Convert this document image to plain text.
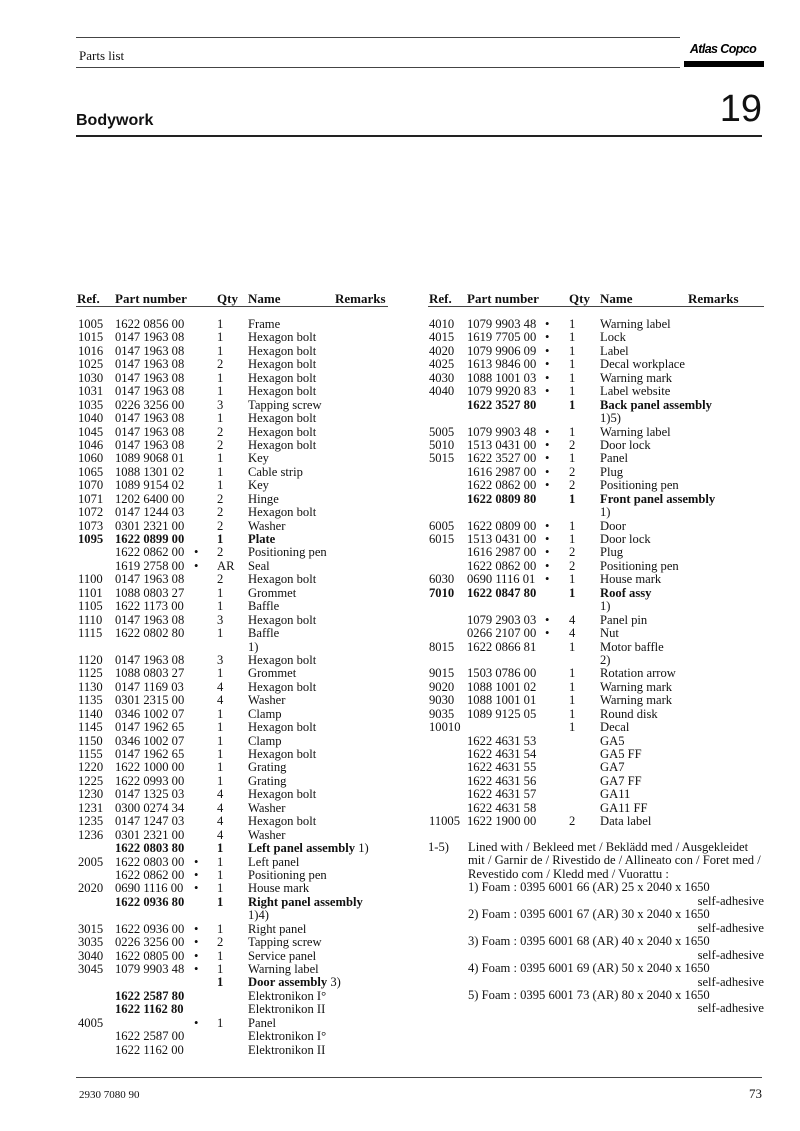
Parts list	Atlas Copco
Bodywork	19
Ref. Part number Qty Name	Remarks	Ref. Part number Qty Name	Remarks
1005 1622 0856 00	1 Frame
1015 0147 1963 08	1 Hexagon bolt
1016 0147 1963 08	1 Hexagon bolt
1025 0147 1963 08	2 Hexagon bolt
1030 0147 1963 08	1 Hexagon bolt
1031 0147 1963 08	1 Hexagon bolt
1035 0226 3256 00	3 Tapping screw
1040 0147 1963 08	1 Hexagon bolt
1045 0147 1963 08	2 Hexagon bolt
1046 0147 1963 08	2 Hexagon bolt
1060 1089 9068 01	1 Key
1065 1088 1301 02	1 Cable strip
1070 1089 9154 02	1 Key
1071 1202 6400 00	2 Hinge
1072 0147 1244 03	2 Hexagon bolt
1073 0301 2321 00	2 Washer
1095 1622 0899 00	1 Plate
1622 0862 00 • 2 Positioning pen
1619 2758 00 • AR Seal
1100 0147 1963 08	2 Hexagon bolt
1101 1088 0803 27	1 Grommet
1105 1622 1173 00	1 Baffle
1110 0147 1963 08	3 Hexagon bolt
1115 1622 0802 80	1 Baffle
1)
1120 0147 1963 08	3 Hexagon bolt
1125 1088 0803 27	1 Grommet
1130 0147 1169 03	4 Hexagon bolt
1135 0301 2315 00	4 Washer
1140 0346 1002 07	1 Clamp
1145 0147 1962 65	1 Hexagon bolt
1150 0346 1002 07	1 Clamp
1155 0147 1962 65	1 Hexagon bolt
1220 1622 1000 00	1 Grating
1225 1622 0993 00	1 Grating
1230 0147 1325 03	4 Hexagon bolt
1231 0300 0274 34	4 Washer
1235 0147 1247 03	4 Hexagon bolt
1236 0301 2321 00	4 Washer
1622 0803 80	1 Left panel assembly 1)
2005 1622 0803 00 • 1 Left panel
1622 0862 00 • 1 Positioning pen
2020 0690 1116 00 • 1 House mark
1622 0936 80	1 Right panel assembly
1)4)
3015 1622 0936 00 • 1 Right panel
3035 0226 3256 00 • 2 Tapping screw
3040 1622 0805 00 • 1 Service panel
3045 1079 9903 48 • 1 Warning label
1 Door assembly 3)
1622 2587 80	Elektronikon I°
1622 1162 80	Elektronikon II
4005	• 1 Panel
1622 2587 00	Elektronikon I°
1622 1162 00	Elektronikon II
4010 1079 9903 48 • 1 Warning label
4015 1619 7705 00 • 1 Lock
4020 1079 9906 09 • 1 Label
4025 1613 9846 00 • 1 Decal workplace
4030 1088 1001 03 • 1 Warning mark
4040 1079 9920 83 • 1 Label website
1622 3527 80	1 Back panel assembly
1)5)
5005 1079 9903 48 • 1 Warning label
5010 1513 0431 00 • 2 Door lock
5015 1622 3527 00 • 1 Panel
1616 2987 00 • 2 Plug
1622 0862 00 • 2 Positioning pen
1622 0809 80	1 Front panel assembly
1)
6005 1622 0809 00 • 1 Door
6015 1513 0431 00 • 1 Door lock
1616 2987 00 • 2 Plug
1622 0862 00 • 2 Positioning pen
6030 0690 1116 01 • 1 House mark
7010 1622 0847 80	1 Roof assy
1)
1079 2903 03 • 4 Panel pin
0266 2107 00 • 4 Nut
8015 1622 0866 81	1 Motor baffle
2)
9015 1503 0786 00	1 Rotation arrow
9020 1088 1001 02	1 Warning mark
9030 1088 1001 01	1 Warning mark
9035 1089 9125 05	1 Round disk
10010	1 Decal
1622 4631 53	GA5
1622 4631 54	GA5 FF
1622 4631 55	GA7
1622 4631 56	GA7 FF
1622 4631 57	GA11
1622 4631 58	GA11 FF
11005 1622 1900 00	2 Data label
1-5) Lined with / Bekleed met / Beklädd med / Ausgekleidet mit / Garnir de / Rivestido de / Allineato con / Foret med / Revestido com / Kledd med / Vuorattu :
1) Foam : 0395 6001 66 (AR) 25 x 2040 x 1650
self-adhesive
2) Foam : 0395 6001 67 (AR) 30 x 2040 x 1650
self-adhesive
3) Foam : 0395 6001 68 (AR) 40 x 2040 x 1650
self-adhesive
4) Foam : 0395 6001 69 (AR) 50 x 2040 x 1650
self-adhesive
5) Foam : 0395 6001 73 (AR) 80 x 2040 x 1650
self-adhesive
2930 7080 90	73
